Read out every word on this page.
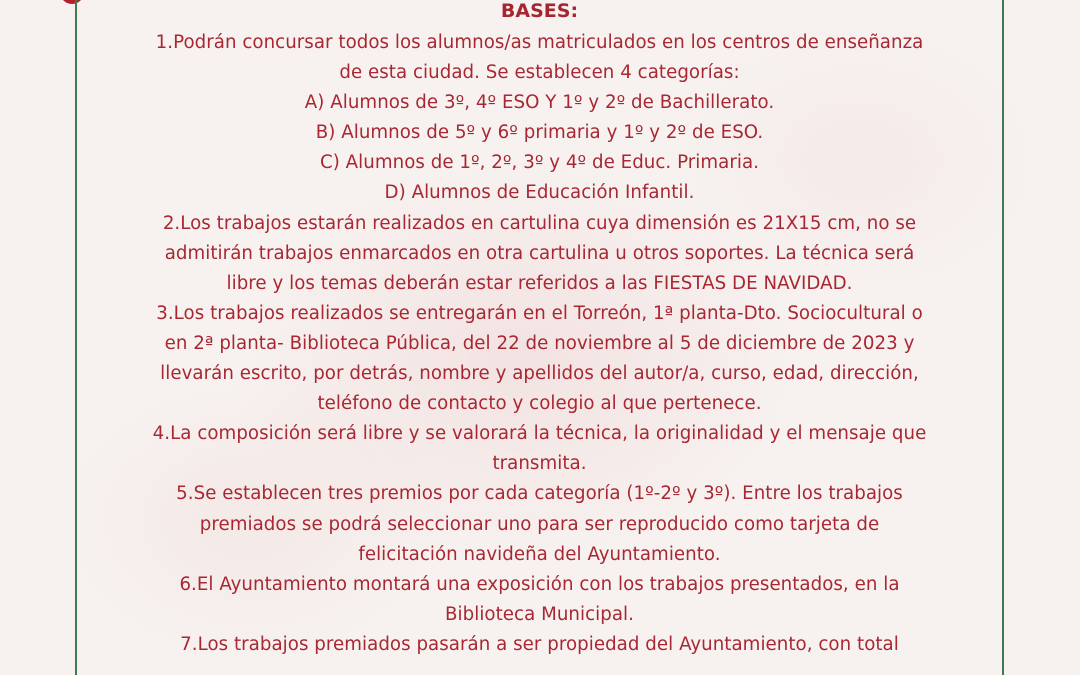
BASES:
1.Podrán concursar todos los alumnos/as matriculados en los centros de enseñanza
de esta ciudad. Se establecen 4 categorías:
A) Alumnos de 3º, 4º ESO Y 1º y 2º de Bachillerato.
B) Alumnos de 5º y 6º primaria y 1º y 2º de ESO.
C) Alumnos de 1º, 2º, 3º y 4º de Educ. Primaria.
D) Alumnos de Educación Infantil.
2.Los trabajos estarán realizados en cartulina cuya dimensión es 21X15 cm, no se
admitirán trabajos enmarcados en otra cartulina u otros soportes. La técnica será
libre y los temas deberán estar referidos a las FIESTAS DE NAVIDAD.
3.Los trabajos realizados se entregarán en el Torreón, 1ª planta-Dto. Sociocultural o
en 2ª planta- Biblioteca Pública, del 22 de noviembre al 5 de diciembre de 2023 y
llevarán escrito, por detrás, nombre y apellidos del autor/a, curso, edad, dirección,
teléfono de contacto y colegio al que pertenece.
4.La composición será libre y se valorará la técnica, la originalidad y el mensaje que
transmita.
5.Se establecen tres premios por cada categoría (1º-2º y 3º). Entre los trabajos
premiados se podrá seleccionar uno para ser reproducido como tarjeta de
felicitación navideña del Ayuntamiento.
6.El Ayuntamiento montará una exposición con los trabajos presentados, en la
Biblioteca Municipal.
7.Los trabajos premiados pasarán a ser propiedad del Ayuntamiento, con total
